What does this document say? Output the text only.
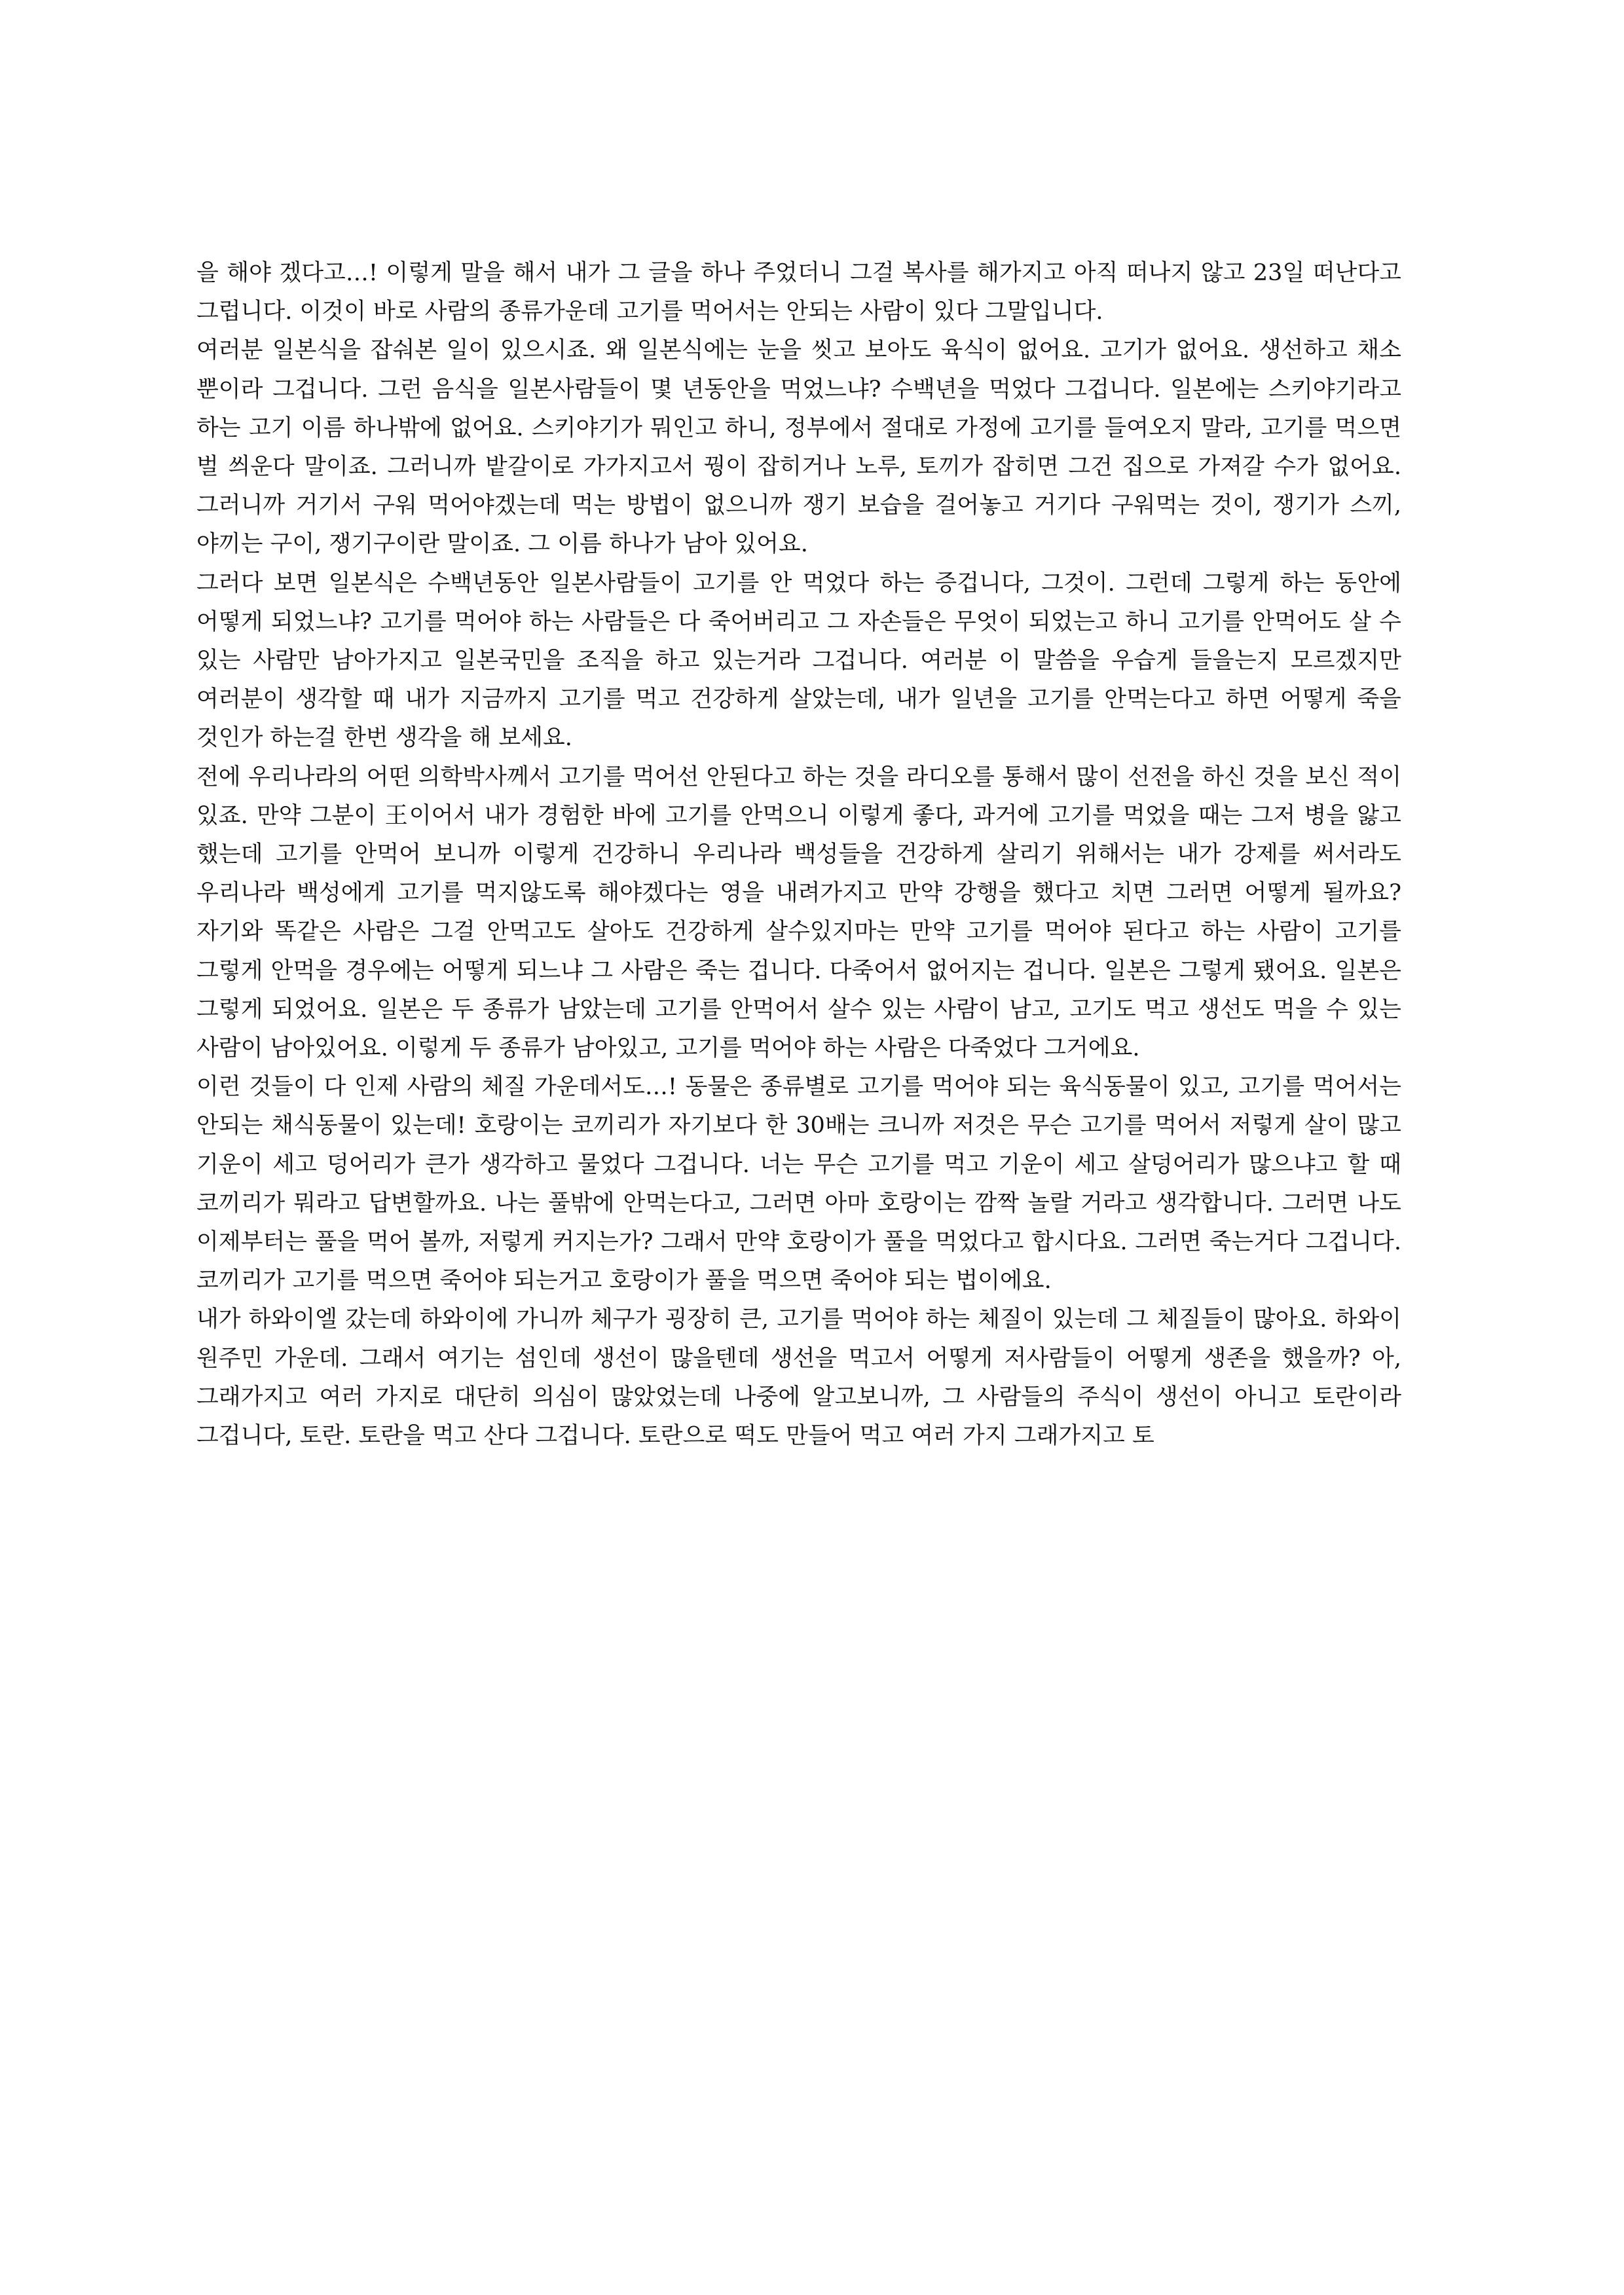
을 해야 겠다고…! 이렇게 말을 해서 내가 그 글을 하나 주었더니 그걸 복사를 해가지고 아직 떠나지 않고 23일 떠난다고 그럽니다. 이것이 바로 사람의 종류가운데 고기를 먹어서는 안되는 사람이 있다 그말입니다.

여러분 일본식을 잡숴본 일이 있으시죠. 왜 일본식에는 눈을 씻고 보아도 육식이 없어요. 고기가 없어요. 생선하고 채소 뿐이라 그겁니다. 그런 음식을 일본사람들이 몇 년동안을 먹었느냐? 수백년을 먹었다 그겁니다. 일본에는 스키야기라고 하는 고기 이름 하나밖에 없어요. 스키야기가 뭐인고 하니, 정부에서 절대로 가정에 고기를 들여오지 말라, 고기를 먹으면 벌 씌운다 말이죠. 그러니까 밭갈이로 가가지고서 꿩이 잡히거나 노루, 토끼가 잡히면 그건 집으로 가져갈 수가 없어요. 그러니까 거기서 구워 먹어야겠는데 먹는 방법이 없으니까 쟁기 보습을 걸어놓고 거기다 구워먹는 것이, 쟁기가 스끼, 야끼는 구이, 쟁기구이란 말이죠. 그 이름 하나가 남아 있어요.

그러다 보면 일본식은 수백년동안 일본사람들이 고기를 안 먹었다 하는 증겁니다, 그것이. 그런데 그렇게 하는 동안에 어떻게 되었느냐? 고기를 먹어야 하는 사람들은 다 죽어버리고 그 자손들은 무엇이 되었는고 하니 고기를 안먹어도 살 수 있는 사람만 남아가지고 일본국민을 조직을 하고 있는거라 그겁니다. 여러분 이 말씀을 우습게 들을는지 모르겠지만 여러분이 생각할 때 내가 지금까지 고기를 먹고 건강하게 살았는데, 내가 일년을 고기를 안먹는다고 하면 어떻게 죽을 것인가 하는걸 한번 생각을 해 보세요.

전에 우리나라의 어떤 의학박사께서 고기를 먹어선 안된다고 하는 것을 라디오를 통해서 많이 선전을 하신 것을 보신 적이 있죠. 만약 그분이 王이어서 내가 경험한 바에 고기를 안먹으니 이렇게 좋다, 과거에 고기를 먹었을 때는 그저 병을 앓고 했는데 고기를 안먹어 보니까 이렇게 건강하니 우리나라 백성들을 건강하게 살리기 위해서는 내가 강제를 써서라도 우리나라 백성에게 고기를 먹지않도록 해야겠다는 영을 내려가지고 만약 강행을 했다고 치면 그러면 어떻게 될까요? 자기와 똑같은 사람은 그걸 안먹고도 살아도 건강하게 살수있지마는 만약 고기를 먹어야 된다고 하는 사람이 고기를 그렇게 안먹을 경우에는 어떻게 되느냐 그 사람은 죽는 겁니다. 다죽어서 없어지는 겁니다. 일본은 그렇게 됐어요. 일본은 그렇게 되었어요. 일본은 두 종류가 남았는데 고기를 안먹어서 살수 있는 사람이 남고, 고기도 먹고 생선도 먹을 수 있는 사람이 남아있어요. 이렇게 두 종류가 남아있고, 고기를 먹어야 하는 사람은 다죽었다 그거에요.

이런 것들이 다 인제 사람의 체질 가운데서도…! 동물은 종류별로 고기를 먹어야 되는 육식동물이 있고, 고기를 먹어서는 안되는 채식동물이 있는데! 호랑이는 코끼리가 자기보다 한 30배는 크니까 저것은 무슨 고기를 먹어서 저렇게 살이 많고 기운이 세고 덩어리가 큰가 생각하고 물었다 그겁니다. 너는 무슨 고기를 먹고 기운이 세고 살덩어리가 많으냐고 할 때 코끼리가 뭐라고 답변할까요. 나는 풀밖에 안먹는다고, 그러면 아마 호랑이는 깜짝 놀랄 거라고 생각합니다. 그러면 나도 이제부터는 풀을 먹어 볼까, 저렇게 커지는가? 그래서 만약 호랑이가 풀을 먹었다고 합시다요. 그러면 죽는거다 그겁니다. 코끼리가 고기를 먹으면 죽어야 되는거고 호랑이가 풀을 먹으면 죽어야 되는 법이에요.

내가 하와이엘 갔는데 하와이에 가니까 체구가 굉장히 큰, 고기를 먹어야 하는 체질이 있는데 그 체질들이 많아요. 하와이 원주민 가운데. 그래서 여기는 섬인데 생선이 많을텐데 생선을 먹고서 어떻게 저사람들이 어떻게 생존을 했을까? 아, 그래가지고 여러 가지로 대단히 의심이 많았었는데 나중에 알고보니까, 그 사람들의 주식이 생선이 아니고 토란이라 그겁니다, 토란. 토란을 먹고 산다 그겁니다. 토란으로 떡도 만들어 먹고 여러 가지 그래가지고 토
